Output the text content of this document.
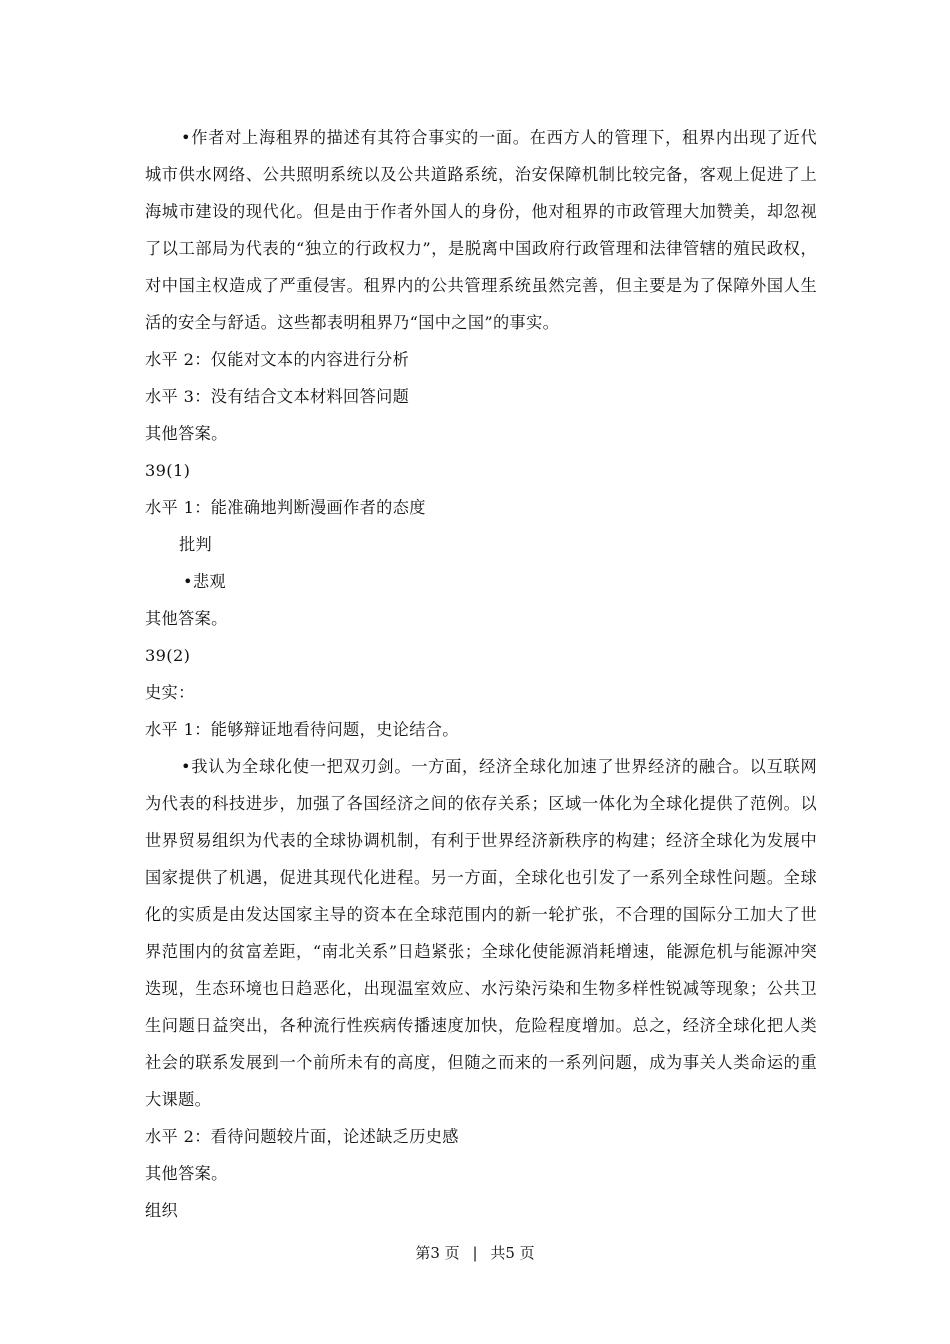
•作者对上海租界的描述有其符合事实的一面。在西方人的管理下，租界内出现了近代城市供水网络、公共照明系统以及公共道路系统，治安保障机制比较完备，客观上促进了上海城市建设的现代化。但是由于作者外国人的身份，他对租界的市政管理大加赞美，却忽视了以工部局为代表的“独立的行政权力”，是脱离中国政府行政管理和法律管辖的殖民政权，对中国主权造成了严重侵害。租界内的公共管理系统虽然完善，但主要是为了保障外国人生活的安全与舒适。这些都表明租界乃“国中之国”的事实。

水平 2：仅能对文本的内容进行分析

水平 3：没有结合文本材料回答问题

其他答案。

39(1)

水平 1：能准确地判断漫画作者的态度

批判

•悲观

其他答案。

39(2)

史实：

水平 1：能够辩证地看待问题，史论结合。

•我认为全球化使一把双刃剑。一方面，经济全球化加速了世界经济的融合。以互联网为代表的科技进步，加强了各国经济之间的依存关系；区域一体化为全球化提供了范例。以世界贸易组织为代表的全球协调机制，有利于世界经济新秩序的构建；经济全球化为发展中国家提供了机遇，促进其现代化进程。另一方面，全球化也引发了一系列全球性问题。全球化的实质是由发达国家主导的资本在全球范围内的新一轮扩张，不合理的国际分工加大了世界范围内的贫富差距，“南北关系”日趋紧张；全球化使能源消耗增速，能源危机与能源冲突迭现，生态环境也日趋恶化，出现温室效应、水污染污染和生物多样性锐减等现象；公共卫生问题日益突出，各种流行性疾病传播速度加快，危险程度增加。总之，经济全球化把人类社会的联系发展到一个前所未有的高度，但随之而来的一系列问题，成为事关人类命运的重大课题。

水平 2：看待问题较片面，论述缺乏历史感

其他答案。

组织

第3 页 | 共5 页
